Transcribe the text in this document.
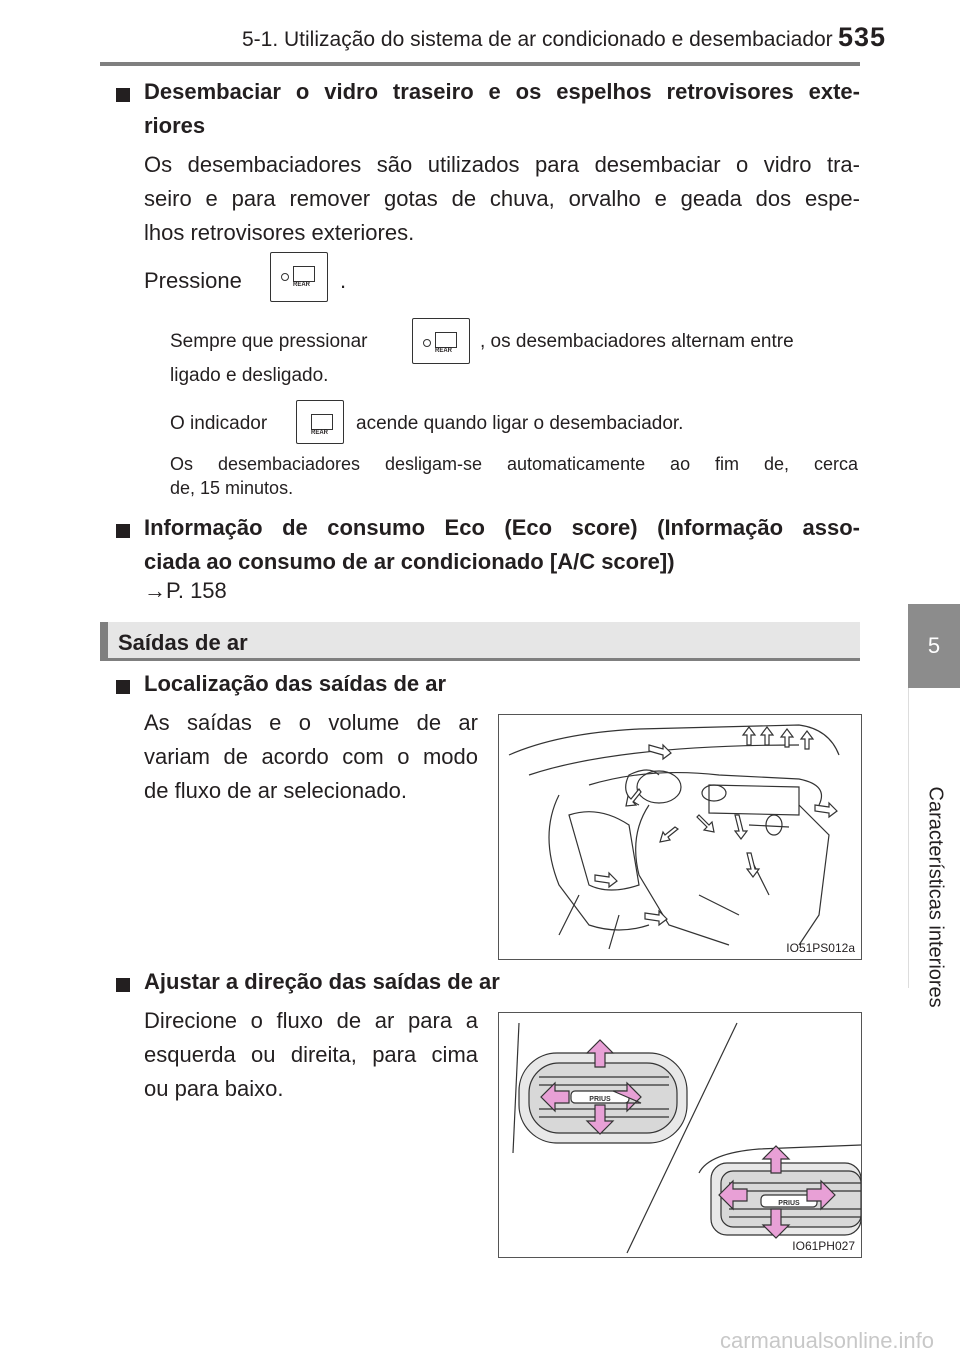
5-1. Utilização do sistema de ar condicionado e desembaciador 535
5
Características interiores
Desembaciar o vidro traseiro e os espelhos retrovisores exte-
riores
Os desembaciadores são utilizados para desembaciar o vidro tra-
seiro e para remover gotas de chuva, orvalho e geada dos espe-
lhos retrovisores exteriores.
Pressione	REAR .
Sempre que pressionar	REAR , os desembaciadores alternam entre
ligado e desligado.
O indicador	REAR acende quando ligar o desembaciador.
Os desembaciadores desligam-se automaticamente ao fim de, cerca
de, 15 minutos.
Informação de consumo Eco (Eco score) (Informação asso-
ciada ao consumo de ar condicionado [A/C score])
→P. 158
Saídas de ar
Localização das saídas de ar
As saídas e o volume de ar
variam de acordo com o modo
de fluxo de ar selecionado.
IO51PS012a
Ajustar a direção das saídas de ar
Direcione o fluxo de ar para a
esquerda ou direita, para cima
ou para baixo.	PRIUS
PRIUS
IO61PH027
carmanualsonline.info
